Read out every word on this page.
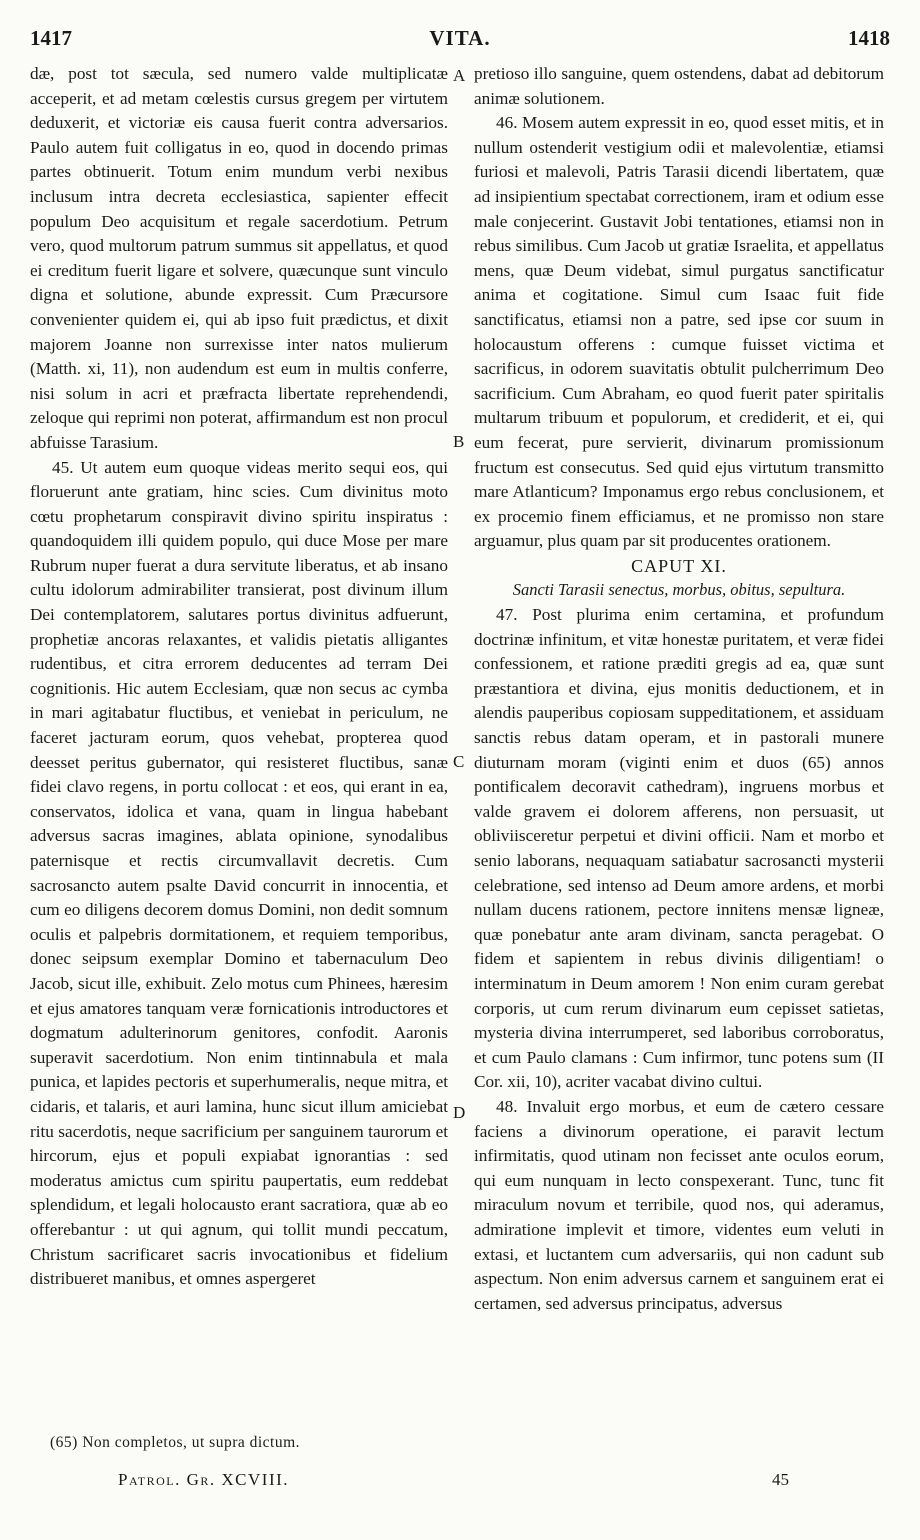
1417	VITA.	1418
A
B
C
D

dæ, post tot sæcula, sed numero valde multiplicatæ acceperit, et ad metam cœlestis cursus gregem per virtutem deduxerit, et victoriæ eis causa fuerit contra adversarios. Paulo autem fuit colligatus in eo, quod in docendo primas partes obtinuerit. Totum enim mundum verbi nexibus inclusum intra decreta ecclesiastica, sapienter effecit populum Deo acquisitum et regale sacerdotium. Petrum vero, quod multorum patrum summus sit appellatus, et quod ei creditum fuerit ligare et solvere, quæcunque sunt vinculo digna et solutione, abunde expressit. Cum Præcursore convenienter quidem ei, qui ab ipso fuit prædictus, et dixit majorem Joanne non surrexisse inter natos mulierum (Matth. xi, 11), non audendum est eum in multis conferre, nisi solum in acri et præfracta libertate reprehendendi, zeloque qui reprimi non poterat, affirmandum est non procul abfuisse Tarasium.

45. Ut autem eum quoque videas merito sequi eos, qui floruerunt ante gratiam, hinc scies. Cum divinitus moto cœtu prophetarum conspiravit divino spiritu inspiratus : quandoquidem illi quidem populo, qui duce Mose per mare Rubrum nuper fuerat a dura servitute liberatus, et ab insano cultu idolorum admirabiliter transierat, post divinum illum Dei contemplatorem, salutares portus divinitus adfuerunt, prophetiæ ancoras relaxantes, et validis pietatis alligantes rudentibus, et citra errorem deducentes ad terram Dei cognitionis. Hic autem Ecclesiam, quæ non secus ac cymba in mari agitabatur fluctibus, et veniebat in periculum, ne faceret jacturam eorum, quos vehebat, propterea quod deesset peritus gubernator, qui resisteret fluctibus, sanæ fidei clavo regens, in portu collocat : et eos, qui erant in ea, conservatos, idolica et vana, quam in lingua habebant adversus sacras imagines, ablata opinione, synodalibus paternisque et rectis circumvallavit decretis. Cum sacrosancto autem psalte David concurrit in innocentia, et cum eo diligens decorem domus Domini, non dedit somnum oculis et palpebris dormitationem, et requiem temporibus, donec seipsum exemplar Domino et tabernaculum Deo Jacob, sicut ille, exhibuit. Zelo motus cum Phinees, hæresim et ejus amatores tanquam veræ fornicationis introductores et dogmatum adulterinorum genitores, confodit. Aaronis superavit sacerdotium. Non enim tintinnabula et mala punica, et lapides pectoris et superhumeralis, neque mitra, et cidaris, et talaris, et auri lamina, hunc sicut illum amiciebat ritu sacerdotis, neque sacrificium per sanguinem taurorum et hircorum, ejus et populi expiabat ignorantias : sed moderatus amictus cum spiritu paupertatis, eum reddebat splendidum, et legali holocausto erant sacratiora, quæ ab eo offerebantur : ut qui agnum, qui tollit mundi peccatum, Christum sacrificaret sacris invocationibus et fidelium distribueret manibus, et omnes aspergeret

pretioso illo sanguine, quem ostendens, dabat ad debitorum animæ solutionem.

46. Mosem autem expressit in eo, quod esset mitis, et in nullum ostenderit vestigium odii et malevolentiæ, etiamsi furiosi et malevoli, Patris Tarasii dicendi libertatem, quæ ad insipientium spectabat correctionem, iram et odium esse male conjecerint. Gustavit Jobi tentationes, etiamsi non in rebus similibus. Cum Jacob ut gratiæ Israelita, et appellatus mens, quæ Deum videbat, simul purgatus sanctificatur anima et cogitatione. Simul cum Isaac fuit fide sanctificatus, etiamsi non a patre, sed ipse cor suum in holocaustum offerens : cumque fuisset victima et sacrificus, in odorem suavitatis obtulit pulcherrimum Deo sacrificium. Cum Abraham, eo quod fuerit pater spiritalis multarum tribuum et populorum, et crediderit, et ei, qui eum fecerat, pure servierit, divinarum promissionum fructum est consecutus. Sed quid ejus virtutum transmitto mare Atlanticum? Imponamus ergo rebus conclusionem, et ex procemio finem efficiamus, et ne promisso non stare arguamur, plus quam par sit producentes orationem.

CAPUT XI.

Sancti Tarasii senectus, morbus, obitus, sepultura.

47. Post plurima enim certamina, et profundum doctrinæ infinitum, et vitæ honestæ puritatem, et veræ fidei confessionem, et ratione præditi gregis ad ea, quæ sunt præstantiora et divina, ejus monitis deductionem, et in alendis pauperibus copiosam suppeditationem, et assiduam sanctis rebus datam operam, et in pastorali munere diuturnam moram (viginti enim et duos (65) annos pontificalem decoravit cathedram), ingruens morbus et valde gravem ei dolorem afferens, non persuasit, ut obliviisceretur perpetui et divini officii. Nam et morbo et senio laborans, nequaquam satiabatur sacrosancti mysterii celebratione, sed intenso ad Deum amore ardens, et morbi nullam ducens rationem, pectore innitens mensæ ligneæ, quæ ponebatur ante aram divinam, sancta peragebat. O fidem et sapientem in rebus divinis diligentiam! o interminatum in Deum amorem ! Non enim curam gerebat corporis, ut cum rerum divinarum eum cepisset satietas, mysteria divina interrumperet, sed laboribus corroboratus, et cum Paulo clamans : Cum infirmor, tunc potens sum (II Cor. xii, 10), acriter vacabat divino cultui.

48. Invaluit ergo morbus, et eum de cætero cessare faciens a divinorum operatione, ei paravit lectum infirmitatis, quod utinam non fecisset ante oculos eorum, qui eum nunquam in lecto conspexerant. Tunc, tunc fit miraculum novum et terribile, quod nos, qui aderamus, admiratione implevit et timore, videntes eum veluti in extasi, et luctantem cum adversariis, qui non cadunt sub aspectum. Non enim adversus carnem et sanguinem erat ei certamen, sed adversus principatus, adversus

(65) Non completos, ut supra dictum.
Patrol. Gr. XCVIII.	45
